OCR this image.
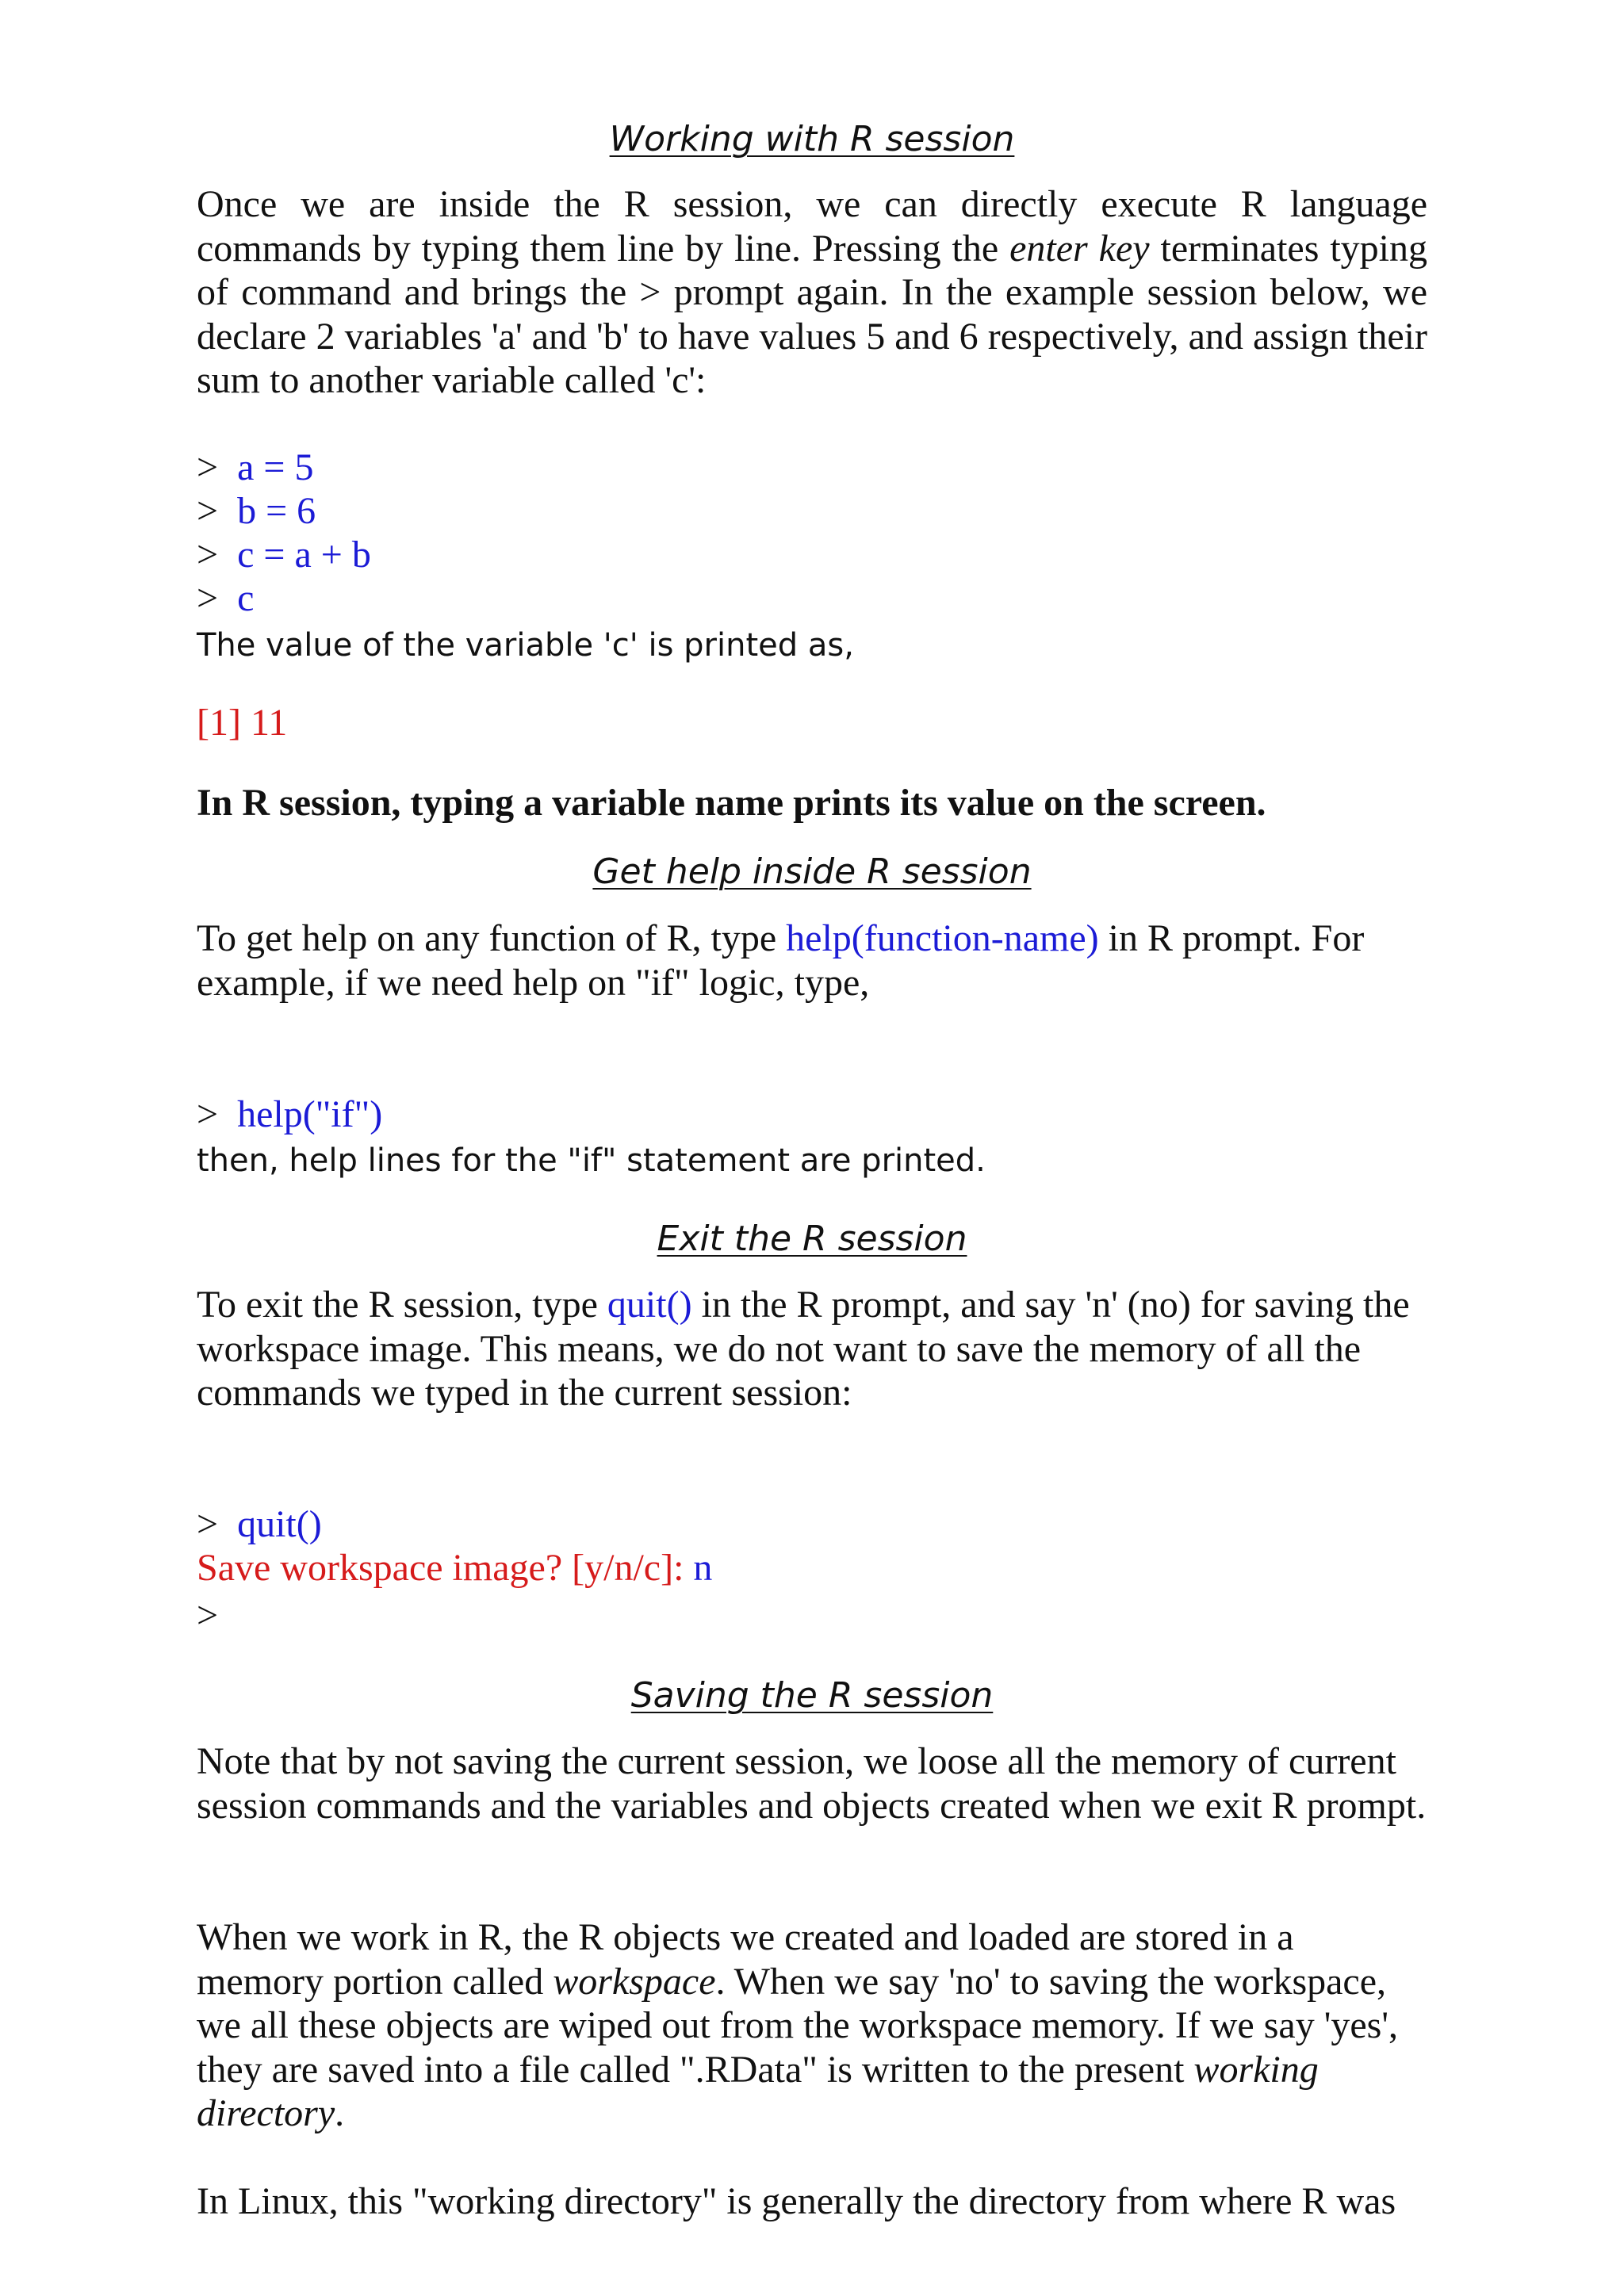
Working with R session

Once we are inside the R session, we can directly execute R language commands by typing them line by line. Pressing the enter key terminates typing of command and brings the > prompt again. In the example session below, we declare 2 variables 'a' and 'b' to have values 5 and 6 respectively, and assign their sum to another variable called 'c':

> a = 5
> b = 6
> c = a + b
> c
The value of the variable 'c' is printed as,
[1] 11
In R session, typing a variable name prints its value on the screen.
Get help inside R session

To get help on any function of R, type help(function-name) in R prompt. For example, if we need help on "if" logic, type,

> help("if")
then, help lines for the "if" statement are printed.
Exit the R session

To exit the R session, type quit() in the R prompt, and say 'n' (no) for saving the workspace image. This means, we do not want to save the memory of all the commands we typed in the current session:

> quit()
Save workspace image? [y/n/c]: n
>
Saving the R session

Note that by not saving the current session, we loose all the memory of current session commands and the variables and objects created when we exit R prompt.

When we work in R, the R objects we created and loaded are stored in a memory portion called workspace. When we say 'no' to saving the workspace, we all these objects are wiped out from the workspace memory. If we say 'yes', they are saved into a file called ".RData" is written to the present working directory.

In Linux, this "working directory" is generally the directory from where R was
